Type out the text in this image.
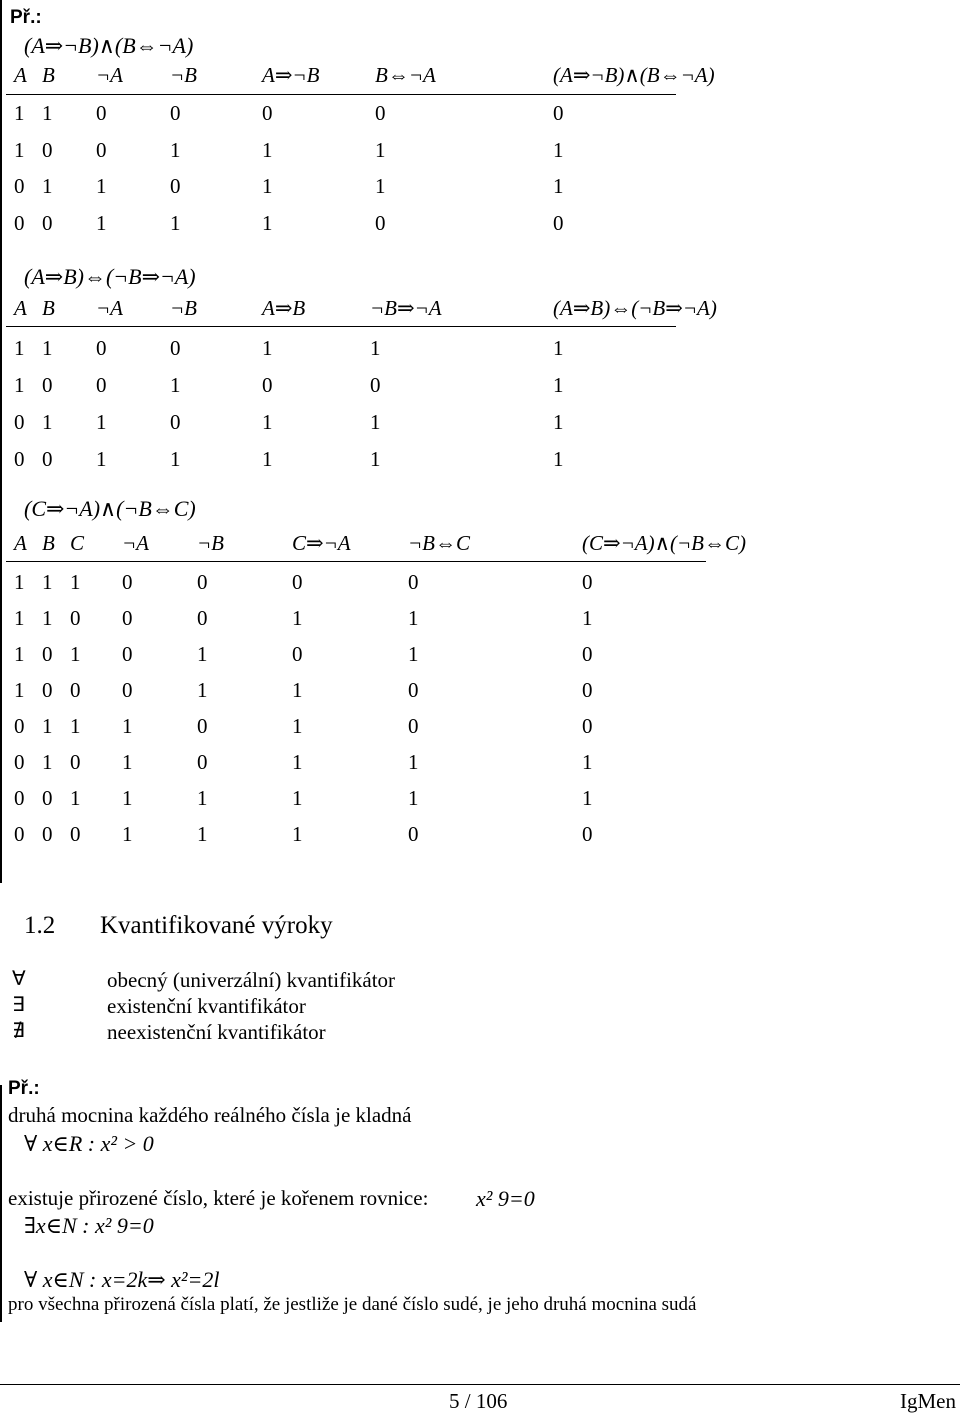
Př.:
(A⇒¬B)∧(B⇔¬A)
A B ¬A ¬B	A⇒¬B	B⇔¬A	(A⇒¬B)∧(B⇔¬A)
1 1 0	0	0	0	0
1 0 0	1	1	1	1
0 1 1	0	1	1	1
0 0 1	1	1	0	0
(A⇒B)⇔(¬B⇒¬A)
A B ¬A ¬B	A⇒B	¬B⇒¬A	(A⇒B)⇔(¬B⇒¬A)
1 1 0	0	1	1	1
1 0 0	1	0	0	1
0 1 1	0	1	1	1
0 0 1	1	1	1	1
(C⇒¬A)∧(¬B⇔C)
A B C ¬A ¬B	C⇒¬A	¬B⇔C	(C⇒¬A)∧(¬B⇔C)
1 1 1 0	0	0	0	0
1 1 0 0	0	1	1	1
1 0 1 0	1	0	1	0
1 0 0 0	1	1	0	0
0 1 1 1	0	1	0	0
0 1 0 1	0	1	1	1
0 0 1 1	1	1	1	1
0 0 0 1	1	1	0	0
1.2 Kvantifikované výroky
∀	obecný (univerzální) kvantifikátor
∃	existenční kvantifikátor
∄	neexistenční kvantifikátor
Př.:
druhá mocnina každého reálného čísla je kladná
∀ x∈R : x² > 0
existuje přirozené číslo, které je kořenem rovnice: x² 9=0
∃x∈N : x² 9=0
∀ x∈N : x=2k⇒ x²=2l
pro všechna přirozená čísla platí, že jestliže je dané číslo sudé, je jeho druhá mocnina sudá
5 / 106	IgMen
